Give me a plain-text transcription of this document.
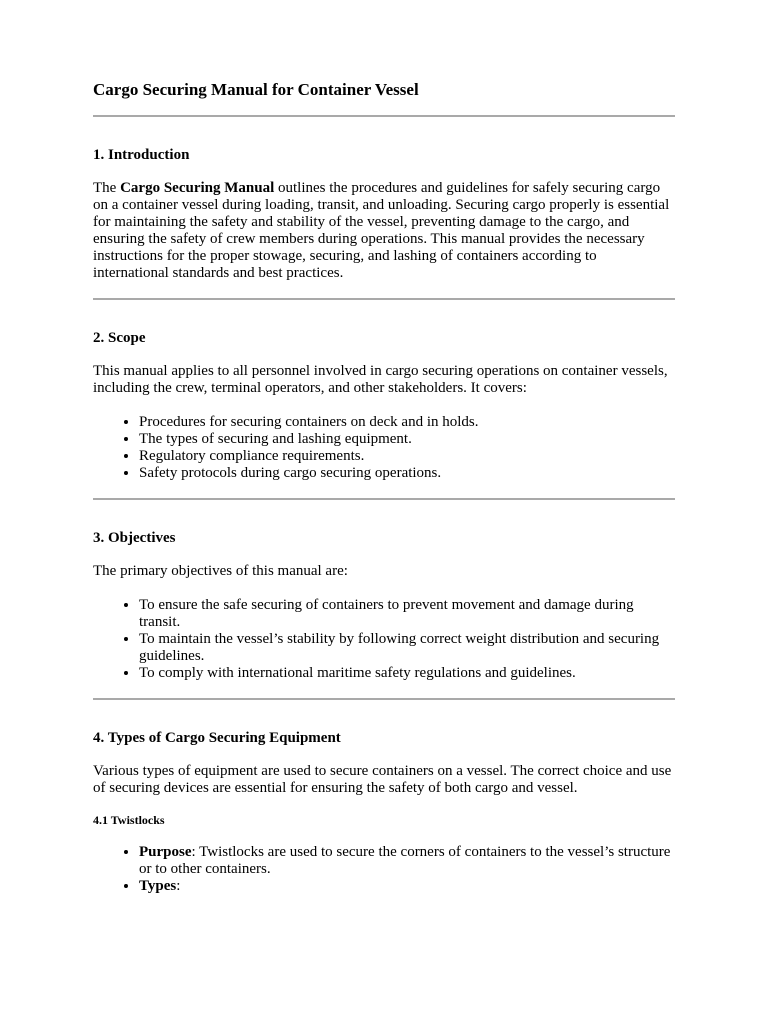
Cargo Securing Manual for Container Vessel
1. Introduction

The Cargo Securing Manual outlines the procedures and guidelines for safely securing cargo on a container vessel during loading, transit, and unloading. Securing cargo properly is essential for maintaining the safety and stability of the vessel, preventing damage to the cargo, and ensuring the safety of crew members during operations. This manual provides the necessary instructions for the proper stowage, securing, and lashing of containers according to international standards and best practices.

2. Scope

This manual applies to all personnel involved in cargo securing operations on container vessels, including the crew, terminal operators, and other stakeholders. It covers:

• Procedures for securing containers on deck and in holds.
• The types of securing and lashing equipment.
• Regulatory compliance requirements.
• Safety protocols during cargo securing operations.
3. Objectives

The primary objectives of this manual are:

• To ensure the safe securing of containers to prevent movement and damage during transit.
• To maintain the vessel’s stability by following correct weight distribution and securing guidelines.
• To comply with international maritime safety regulations and guidelines.
4. Types of Cargo Securing Equipment

Various types of equipment are used to secure containers on a vessel. The correct choice and use of securing devices are essential for ensuring the safety of both cargo and vessel.

4.1 Twistlocks
• Purpose: Twistlocks are used to secure the corners of containers to the vessel’s structure or to other containers.
• Types:
